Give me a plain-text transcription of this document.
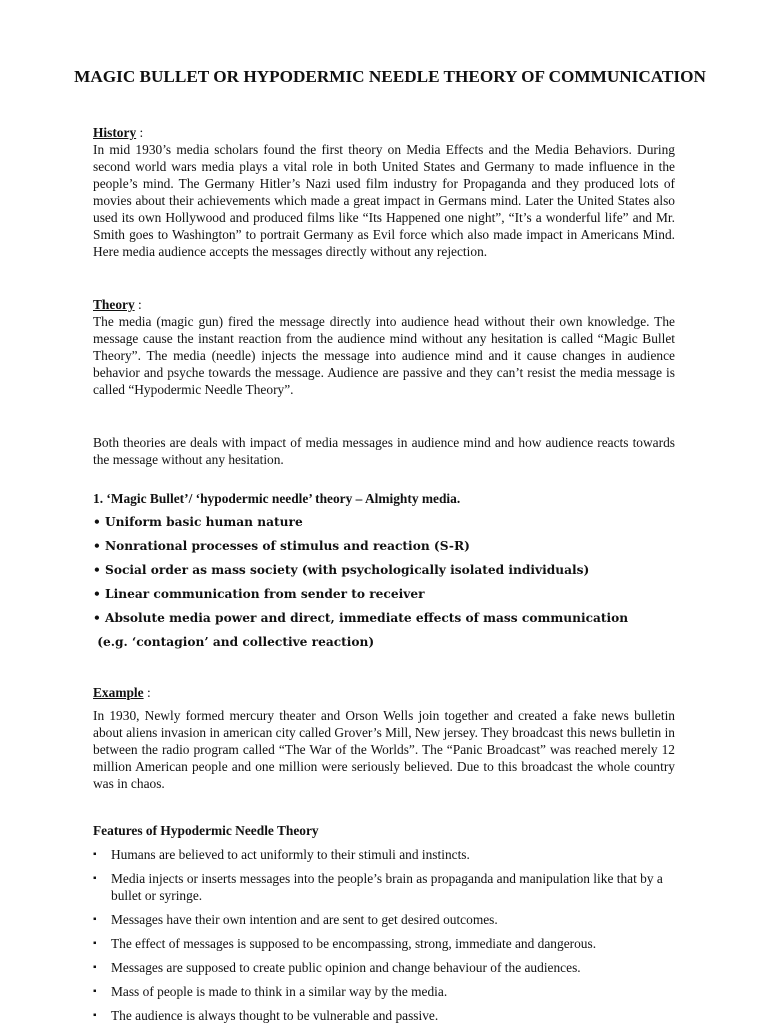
MAGIC BULLET OR HYPODERMIC NEEDLE THEORY OF COMMUNICATION
History :
In mid 1930’s media scholars found the first theory on Media Effects and the Media Behaviors. During second world wars media plays a vital role in both United States and Germany to made influence in the people’s mind. The Germany Hitler’s Nazi used film industry for Propaganda and they produced lots of movies about their achievements which made a great impact in Germans mind. Later the United States also used its own Hollywood and produced films like “Its Happened one night”, “It’s a wonderful life” and Mr. Smith goes to Washington” to portrait Germany as Evil force which also made impact in Americans Mind. Here media audience accepts the messages directly without any rejection.
Theory :
The media (magic gun) fired the message directly into audience head without their own knowledge. The message cause the instant reaction from the audience mind without any hesitation is called “Magic Bullet Theory”. The media (needle) injects the message into audience mind and it cause changes in audience behavior and psyche towards the message. Audience are passive and they can’t resist the media message is called “Hypodermic Needle Theory”.
Both theories are deals with impact of media messages in audience mind and how audience reacts towards the message without any hesitation.
1. ‘Magic Bullet’/ ‘hypodermic needle’ theory – Almighty media.
• Uniform basic human nature
• Nonrational processes of stimulus and reaction (S-R)
• Social order as mass society (with psychologically isolated individuals)
• Linear communication from sender to receiver
• Absolute media power and direct, immediate effects of mass communication
(e.g. ‘contagion’ and collective reaction)
Example :
In 1930, Newly formed mercury theater and Orson Wells join together and created a fake news bulletin about aliens invasion in american city called Grover’s Mill, New jersey. They broadcast this news bulletin in between the radio program called “The War of the Worlds”. The “Panic Broadcast” was reached merely 12 million American people and one million were seriously believed. Due to this broadcast the whole country was in chaos.
Features of Hypodermic Needle Theory
▪ Humans are believed to act uniformly to their stimuli and instincts.
▪ Media injects or inserts messages into the people’s brain as propaganda and manipulation like that by a bullet or syringe.
▪ Messages have their own intention and are sent to get desired outcomes.
▪ The effect of messages is supposed to be encompassing, strong, immediate and dangerous.
▪ Messages are supposed to create public opinion and change behaviour of the audiences.
▪ Mass of people is made to think in a similar way by the media.
▪ The audience is always thought to be vulnerable and passive.
